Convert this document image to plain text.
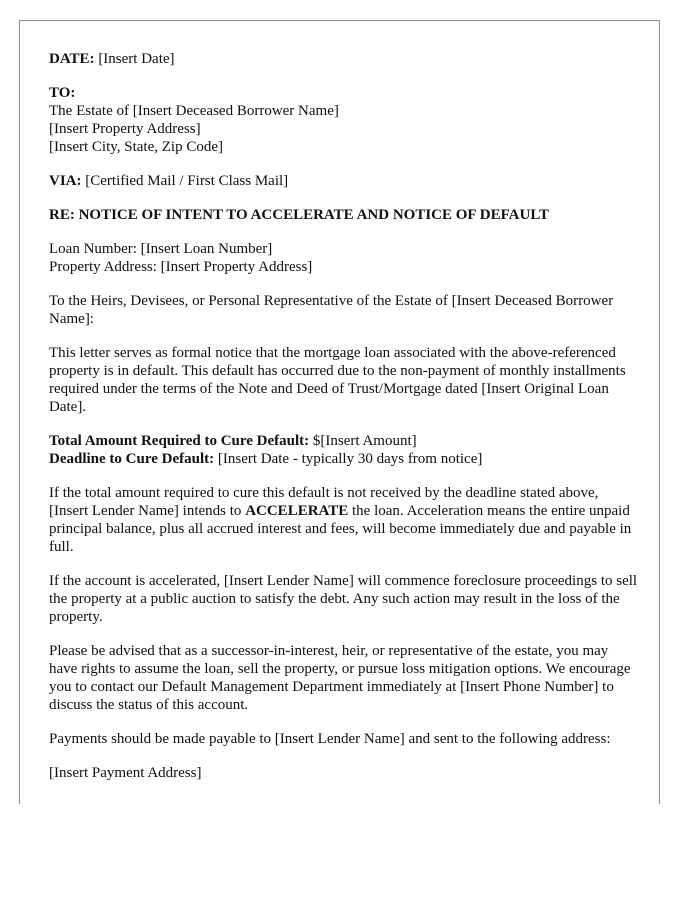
DATE: [Insert Date]

TO:
The Estate of [Insert Deceased Borrower Name]
[Insert Property Address]
[Insert City, State, Zip Code]

VIA: [Certified Mail / First Class Mail]

RE: NOTICE OF INTENT TO ACCELERATE AND NOTICE OF DEFAULT

Loan Number: [Insert Loan Number]
Property Address: [Insert Property Address]

To the Heirs, Devisees, or Personal Representative of the Estate of [Insert Deceased Borrower Name]:

This letter serves as formal notice that the mortgage loan associated with the above-referenced property is in default. This default has occurred due to the non-payment of monthly installments required under the terms of the Note and Deed of Trust/Mortgage dated [Insert Original Loan Date].

Total Amount Required to Cure Default: $[Insert Amount]
Deadline to Cure Default: [Insert Date - typically 30 days from notice]

If the total amount required to cure this default is not received by the deadline stated above, [Insert Lender Name] intends to ACCELERATE the loan. Acceleration means the entire unpaid principal balance, plus all accrued interest and fees, will become immediately due and payable in full.

If the account is accelerated, [Insert Lender Name] will commence foreclosure proceedings to sell the property at a public auction to satisfy the debt. Any such action may result in the loss of the property.

Please be advised that as a successor-in-interest, heir, or representative of the estate, you may have rights to assume the loan, sell the property, or pursue loss mitigation options. We encourage you to contact our Default Management Department immediately at [Insert Phone Number] to discuss the status of this account.

Payments should be made payable to [Insert Lender Name] and sent to the following address:

[Insert Payment Address]
